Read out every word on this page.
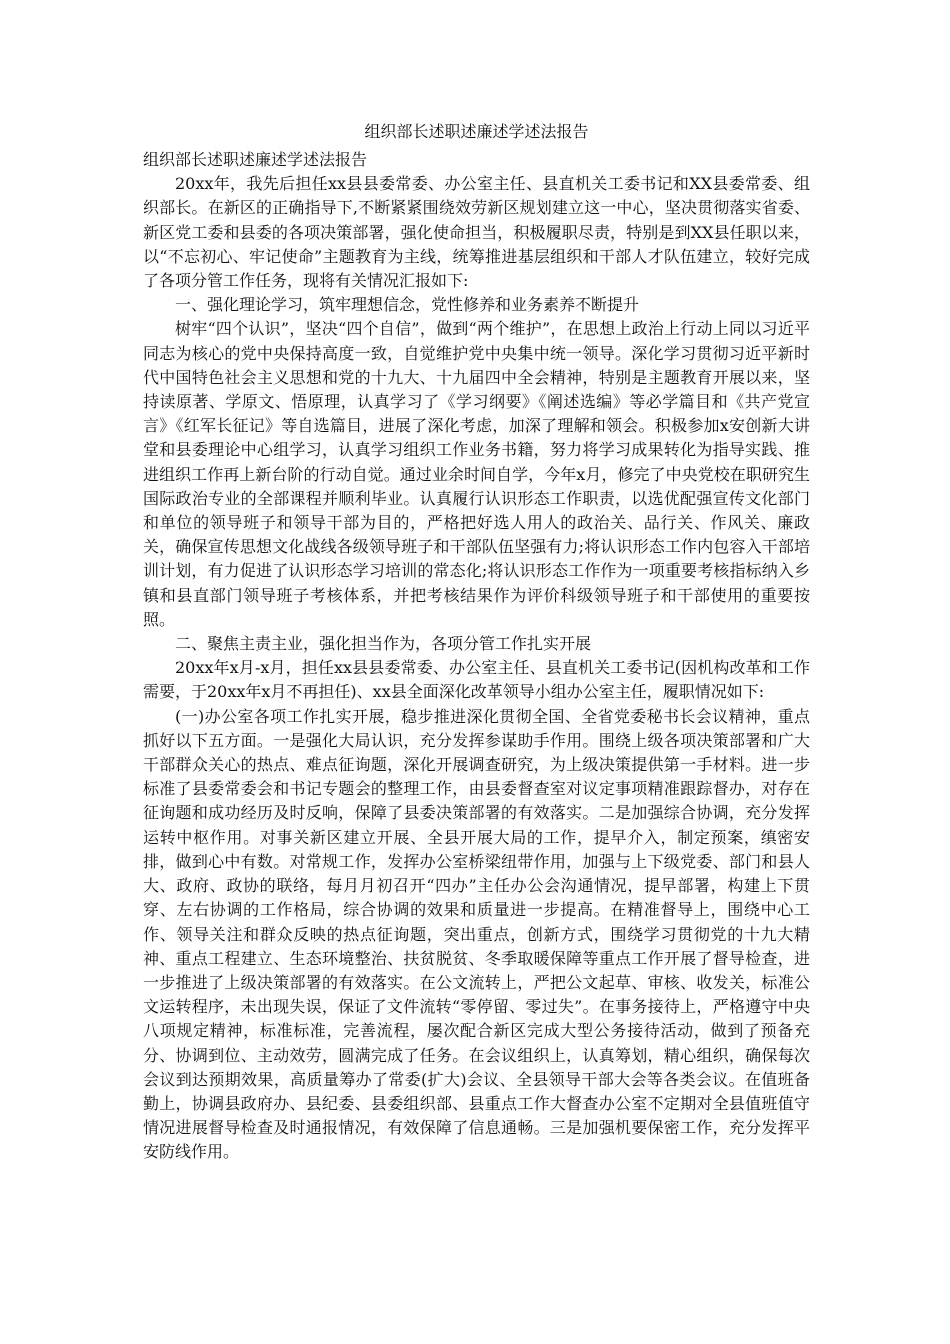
组织部长述职述廉述学述法报告

组织部长述职述廉述学述法报告

20xx年，我先后担任xx县县委常委、办公室主任、县直机关工委书记和XX县委常委、组织部长。在新区的正确指导下,不断紧紧围绕效劳新区规划建立这一中心，坚决贯彻落实省委、新区党工委和县委的各项决策部署，强化使命担当，积极履职尽责，特别是到XX县任职以来，以“不忘初心、牢记使命”主题教育为主线，统筹推进基层组织和干部人才队伍建立，较好完成了各项分管工作任务，现将有关情况汇报如下:

一、强化理论学习，筑牢理想信念，党性修养和业务素养不断提升

树牢“四个认识”，坚决“四个自信”，做到“两个维护”，在思想上政治上行动上同以习近平同志为核心的党中央保持高度一致，自觉维护党中央集中统一领导。深化学习贯彻习近平新时代中国特色社会主义思想和党的十九大、十九届四中全会精神，特别是主题教育开展以来，坚持读原著、学原文、悟原理，认真学习了《学习纲要》《阐述选编》等必学篇目和《共产党宣言》《红军长征记》等自选篇目，进展了深化考虑，加深了理解和领会。积极参加x安创新大讲堂和县委理论中心组学习，认真学习组织工作业务书籍，努力将学习成果转化为指导实践、推进组织工作再上新台阶的行动自觉。通过业余时间自学，今年x月，修完了中央党校在职研究生国际政治专业的全部课程并顺利毕业。认真履行认识形态工作职责，以选优配强宣传文化部门和单位的领导班子和领导干部为目的，严格把好选人用人的政治关、品行关、作风关、廉政关，确保宣传思想文化战线各级领导班子和干部队伍坚强有力;将认识形态工作内包容入干部培训计划，有力促进了认识形态学习培训的常态化;将认识形态工作作为一项重要考核指标纳入乡镇和县直部门领导班子考核体系，并把考核结果作为评价科级领导班子和干部使用的重要按照。

二、聚焦主责主业，强化担当作为，各项分管工作扎实开展

20xx年x月-x月，担任xx县县委常委、办公室主任、县直机关工委书记(因机构改革和工作需要，于20xx年x月不再担任)、xx县全面深化改革领导小组办公室主任，履职情况如下:

(一)办公室各项工作扎实开展，稳步推进深化贯彻全国、全省党委秘书长会议精神，重点抓好以下五方面。一是强化大局认识，充分发挥参谋助手作用。围绕上级各项决策部署和广大干部群众关心的热点、难点征询题，深化开展调查研究，为上级决策提供第一手材料。进一步标准了县委常委会和书记专题会的整理工作，由县委督查室对议定事项精准跟踪督办，对存在征询题和成功经历及时反响，保障了县委决策部署的有效落实。二是加强综合协调，充分发挥运转中枢作用。对事关新区建立开展、全县开展大局的工作，提早介入，制定预案，缜密安排，做到心中有数。对常规工作，发挥办公室桥梁纽带作用，加强与上下级党委、部门和县人大、政府、政协的联络，每月月初召开“四办”主任办公会沟通情况，提早部署，构建上下贯穿、左右协调的工作格局，综合协调的效果和质量进一步提高。在精准督导上，围绕中心工作、领导关注和群众反映的热点征询题，突出重点，创新方式，围绕学习贯彻党的十九大精神、重点工程建立、生态环境整治、扶贫脱贫、冬季取暖保障等重点工作开展了督导检查，进一步推进了上级决策部署的有效落实。在公文流转上，严把公文起草、审核、收发关，标准公文运转程序，未出现失误，保证了文件流转“零停留、零过失”。在事务接待上，严格遵守中央八项规定精神，标准标准，完善流程，屡次配合新区完成大型公务接待活动，做到了预备充分、协调到位、主动效劳，圆满完成了任务。在会议组织上，认真筹划，精心组织，确保每次会议到达预期效果，高质量筹办了常委(扩大)会议、全县领导干部大会等各类会议。在值班备勤上，协调县政府办、县纪委、县委组织部、县重点工作大督查办公室不定期对全县值班值守情况进展督导检查及时通报情况，有效保障了信息通畅。三是加强机要保密工作，充分发挥平安防线作用。
